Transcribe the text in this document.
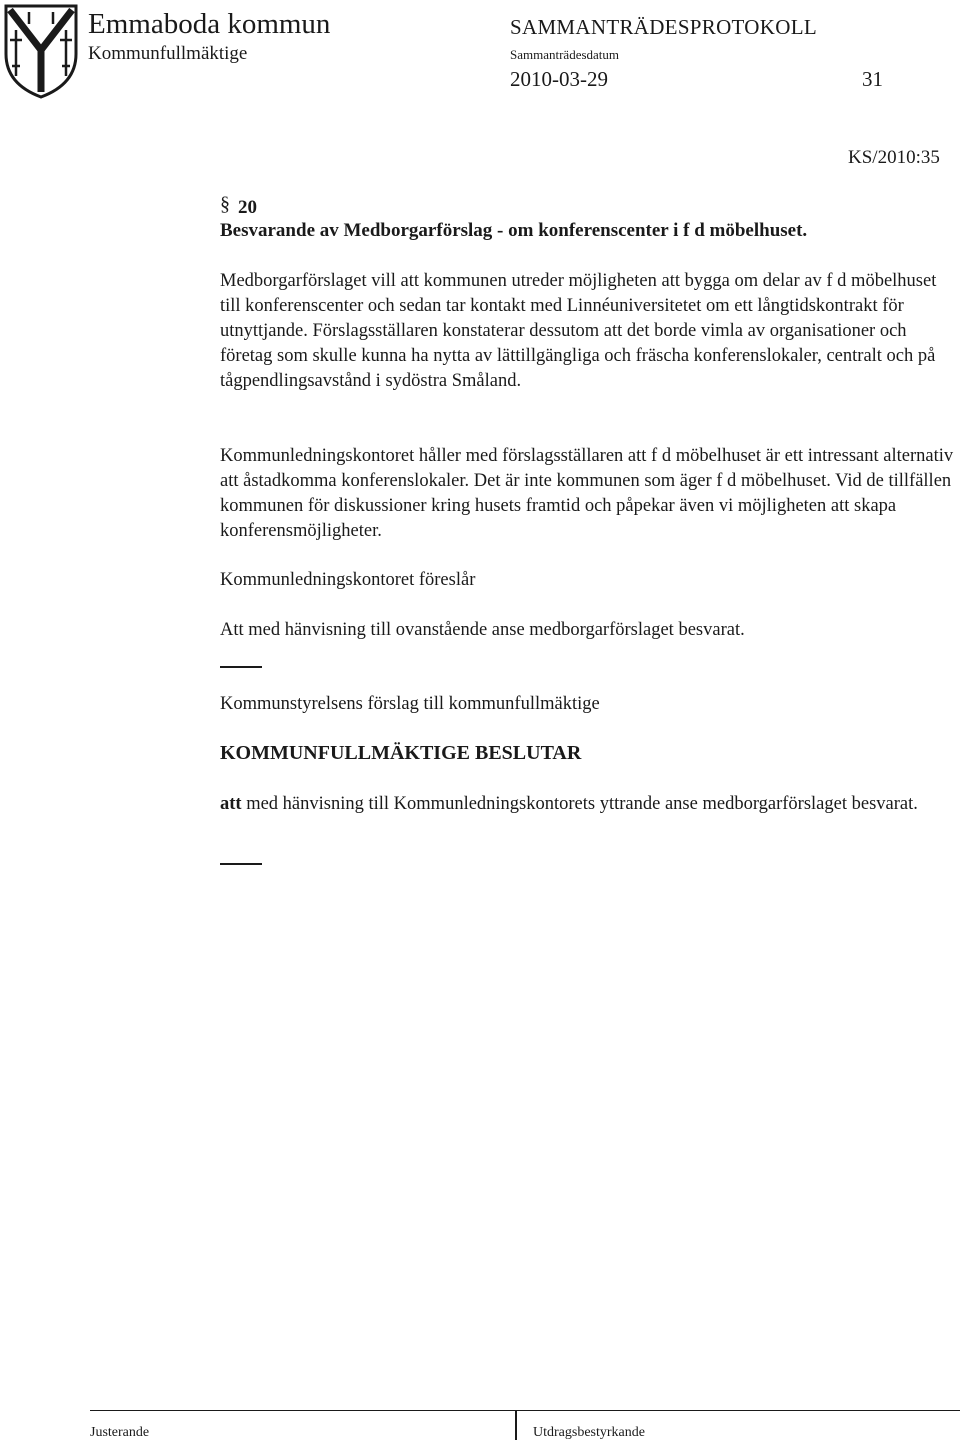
Emmaboda kommun
Kommunfullmäktige
SAMMANTRÄDESPROTOKOLL
Sammanträdesdatum
2010-03-29	31
KS/2010:35
§ 20
Besvarande av Medborgarförslag - om konferenscenter i f d möbelhuset.
Medborgarförslaget vill att kommunen utreder möjligheten att bygga om delar av f d möbelhuset till konferenscenter och sedan tar kontakt med Linnéuniversitetet om ett långtidskontrakt för utnyttjande. Förslagsställaren konstaterar dessutom att det borde vimla av organisationer och företag som skulle kunna ha nytta av lättillgängliga och fräscha konferenslokaler, centralt och på tågpendlingsavstånd i sydöstra Småland.

Kommunledningskontoret håller med förslagsställaren att f d möbelhuset är ett intressant alternativ att åstadkomma konferenslokaler. Det är inte kommunen som äger f d möbelhuset. Vid de tillfällen kommunen för diskussioner kring husets framtid och påpekar även vi möjligheten att skapa konferensmöjligheter.

Kommunledningskontoret föreslår

Att med hänvisning till ovanstående anse medborgarförslaget besvarat.

Kommunstyrelsens förslag till kommunfullmäktige

KOMMUNFULLMÄKTIGE BESLUTAR

att med hänvisning till Kommunledningskontorets yttrande anse medborgarförslaget besvarat.

Justerande	Utdragsbestyrkande
